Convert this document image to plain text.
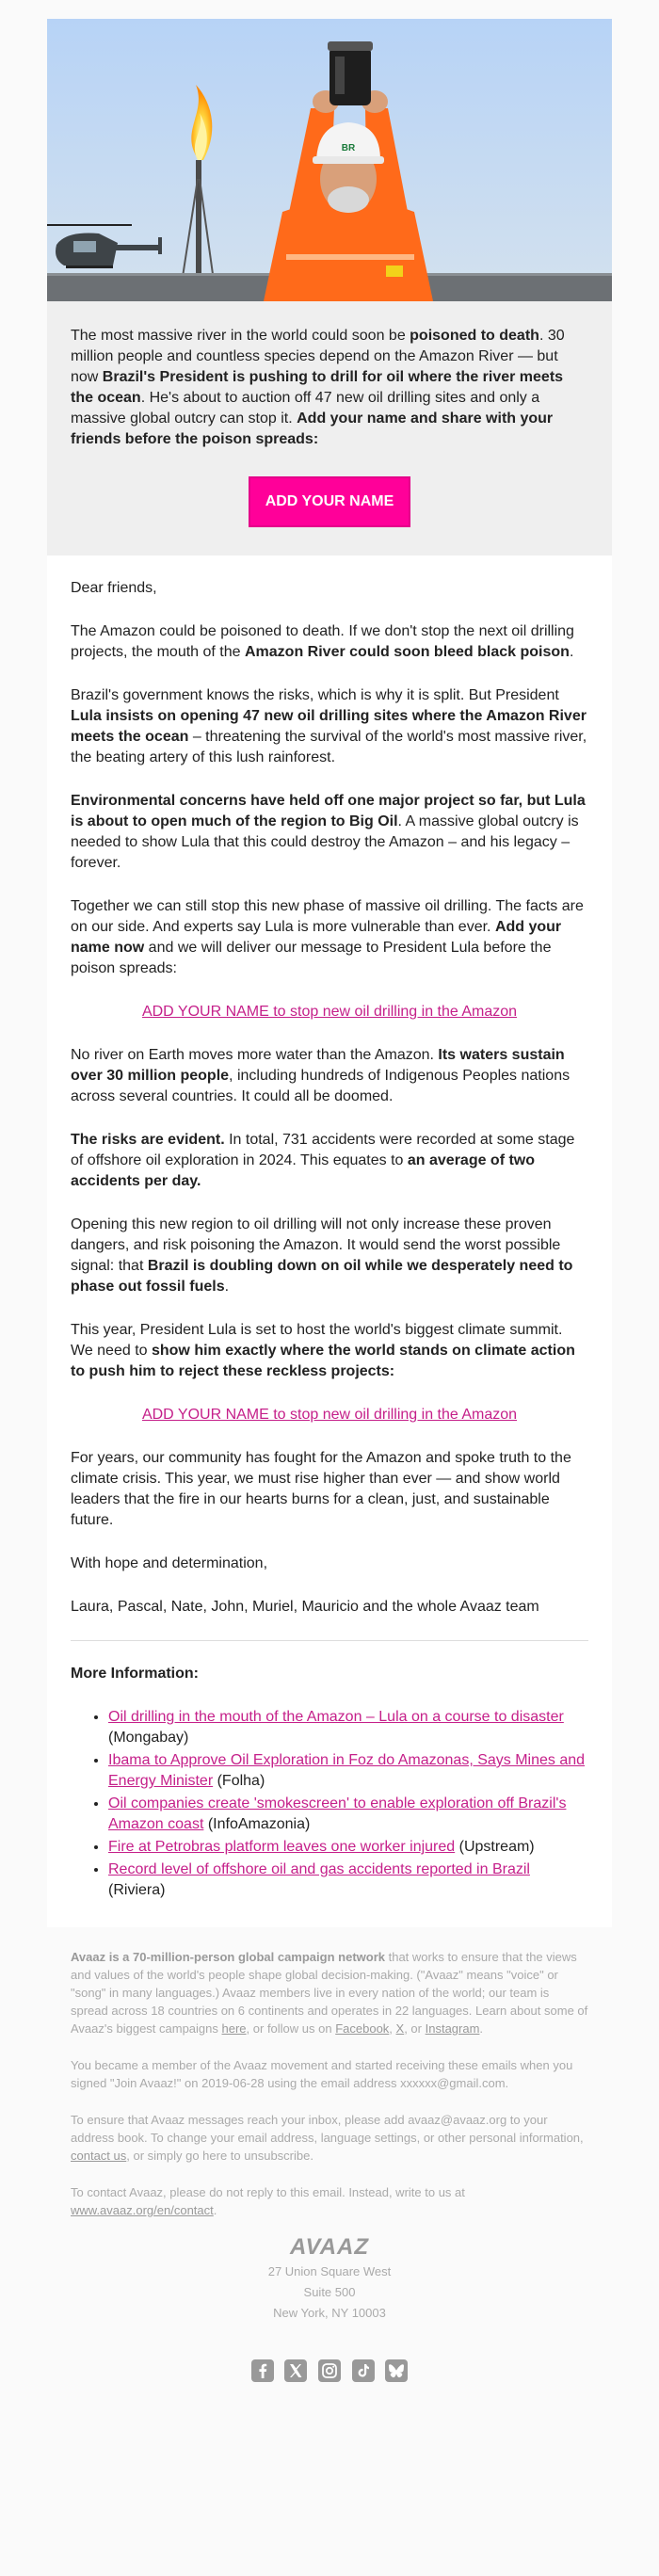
BR

The most massive river in the world could soon be poisoned to death. 30 million people and countless species depend on the Amazon River — but now Brazil's President is pushing to drill for oil where the river meets the ocean. He's about to auction off 47 new oil drilling sites and only a massive global outcry can stop it. Add your name and share with your friends before the poison spreads:

ADD YOUR NAME

Dear friends,

The Amazon could be poisoned to death. If we don't stop the next oil drilling projects, the mouth of the Amazon River could soon bleed black poison.

Brazil's government knows the risks, which is why it is split. But President Lula insists on opening 47 new oil drilling sites where the Amazon River meets the ocean – threatening the survival of the world's most massive river, the beating artery of this lush rainforest.

Environmental concerns have held off one major project so far, but Lula is about to open much of the region to Big Oil. A massive global outcry is needed to show Lula that this could destroy the Amazon – and his legacy – forever.

Together we can still stop this new phase of massive oil drilling. The facts are on our side. And experts say Lula is more vulnerable than ever. Add your name now and we will deliver our message to President Lula before the poison spreads:

ADD YOUR NAME to stop new oil drilling in the Amazon

No river on Earth moves more water than the Amazon. Its waters sustain over 30 million people, including hundreds of Indigenous Peoples nations across several countries. It could all be doomed.

The risks are evident. In total, 731 accidents were recorded at some stage of offshore oil exploration in 2024. This equates to an average of two accidents per day.

Opening this new region to oil drilling will not only increase these proven dangers, and risk poisoning the Amazon. It would send the worst possible signal: that Brazil is doubling down on oil while we desperately need to phase out fossil fuels.

This year, President Lula is set to host the world's biggest climate summit. We need to show him exactly where the world stands on climate action to push him to reject these reckless projects:

ADD YOUR NAME to stop new oil drilling in the Amazon

For years, our community has fought for the Amazon and spoke truth to the climate crisis. This year, we must rise higher than ever — and show world leaders that the fire in our hearts burns for a clean, just, and sustainable future.

With hope and determination,

Laura, Pascal, Nate, John, Muriel, Mauricio and the whole Avaaz team

More Information:

• Oil drilling in the mouth of the Amazon – Lula on a course to disaster (Mongabay)
• Ibama to Approve Oil Exploration in Foz do Amazonas, Says Mines and Energy Minister (Folha)
• Oil companies create 'smokescreen' to enable exploration off Brazil's Amazon coast (InfoAmazonia)
• Fire at Petrobras platform leaves one worker injured (Upstream)
• Record level of offshore oil and gas accidents reported in Brazil (Riviera)

Avaaz is a 70-million-person global campaign network that works to ensure that the views and values of the world's people shape global decision-making. ("Avaaz" means "voice" or "song" in many languages.) Avaaz members live in every nation of the world; our team is spread across 18 countries on 6 continents and operates in 22 languages. Learn about some of Avaaz's biggest campaigns here, or follow us on Facebook, X, or Instagram.

You became a member of the Avaaz movement and started receiving these emails when you signed "Join Avaaz!" on 2019-06-28 using the email address xxxxxx@gmail.com.

To ensure that Avaaz messages reach your inbox, please add avaaz@avaaz.org to your address book. To change your email address, language settings, or other personal information, contact us, or simply go here to unsubscribe.

To contact Avaaz, please do not reply to this email. Instead, write to us at www.avaaz.org/en/contact.

AVAAZ
27 Union Square West
Suite 500
New York, NY 10003
